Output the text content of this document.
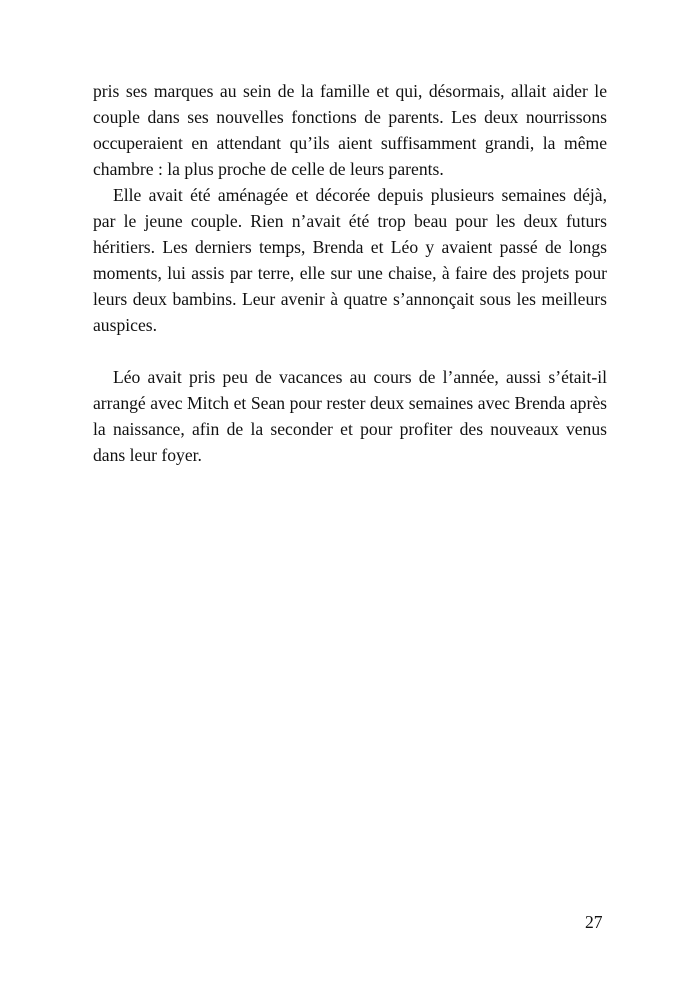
pris ses marques au sein de la famille et qui, désormais, allait aider le couple dans ses nouvelles fonctions de parents. Les deux nourrissons occuperaient en attendant qu’ils aient suffisamment grandi, la même chambre : la plus proche de celle de leurs parents.

Elle avait été aménagée et décorée depuis plusieurs semaines déjà, par le jeune couple. Rien n’avait été trop beau pour les deux futurs héritiers. Les derniers temps, Brenda et Léo y avaient passé de longs moments, lui assis par terre, elle sur une chaise, à faire des projets pour leurs deux bambins. Leur avenir à quatre s’annonçait sous les meilleurs auspices.

Léo avait pris peu de vacances au cours de l’année, aussi s’était-il arrangé avec Mitch et Sean pour rester deux semaines avec Brenda après la naissance, afin de la seconder et pour profiter des nouveaux venus dans leur foyer.

27
